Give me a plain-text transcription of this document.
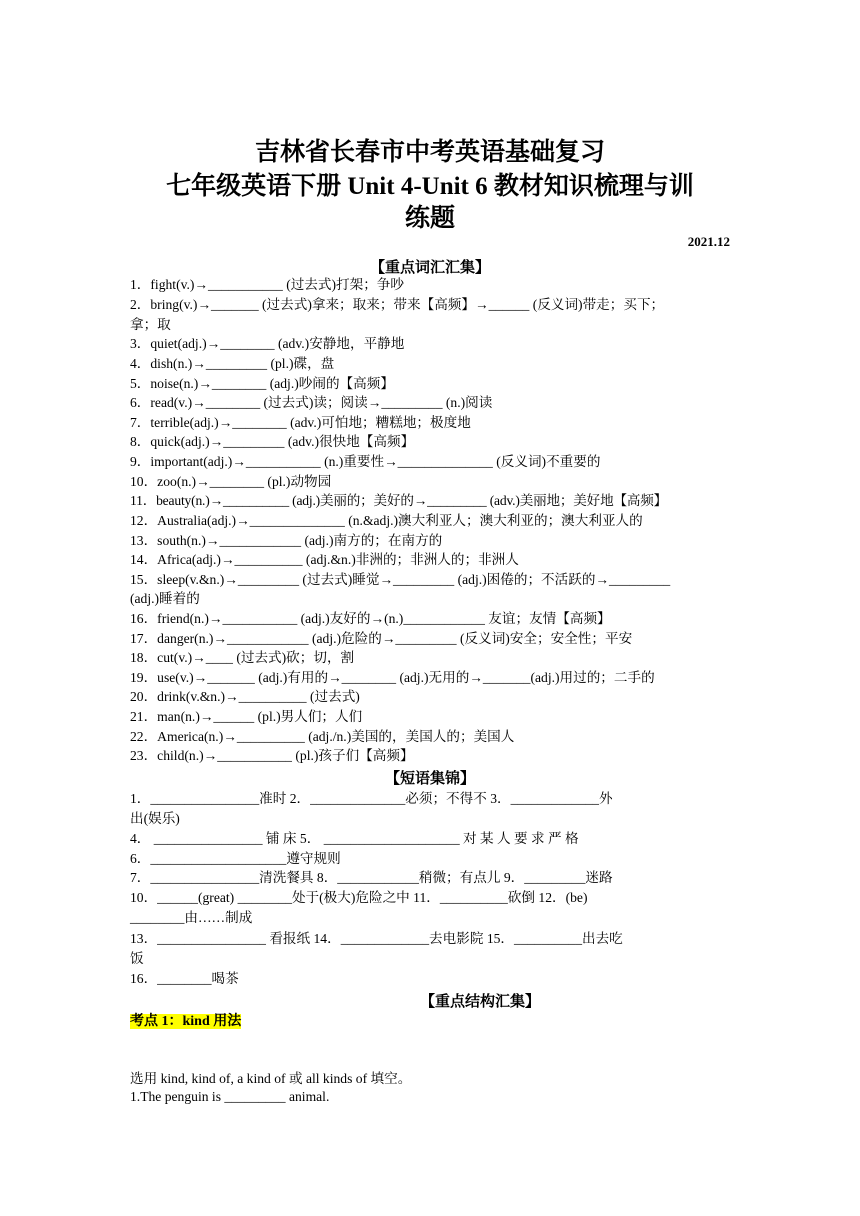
吉林省长春市中考英语基础复习
七年级英语下册 Unit 4-Unit 6 教材知识梳理与训
练题
2021.12
【重点词汇汇集】
1．fight(v.)→___________ (过去式)打架；争吵
2．bring(v.)→_______ (过去式)拿来；取来；带来【高频】→______ (反义词)带走；买下；
拿；取
3．quiet(adj.)→________ (adv.)安静地，平静地
4．dish(n.)→_________ (pl.)碟，盘
5．noise(n.)→________ (adj.)吵闹的【高频】
6．read(v.)→________ (过去式)读；阅读→_________ (n.)阅读
7．terrible(adj.)→________ (adv.)可怕地；糟糕地；极度地
8．quick(adj.)→_________ (adv.)很快地【高频】
9．important(adj.)→___________ (n.)重要性→______________ (反义词)不重要的
10．zoo(n.)→________ (pl.)动物园
11．beauty(n.)→__________ (adj.)美丽的；美好的→_________ (adv.)美丽地；美好地【高频】
12．Australia(adj.)→______________ (n.&adj.)澳大利亚人；澳大利亚的；澳大利亚人的
13．south(n.)→____________ (adj.)南方的；在南方的
14．Africa(adj.)→__________ (adj.&n.)非洲的；非洲人的；非洲人
15．sleep(v.&n.)→_________ (过去式)睡觉→_________ (adj.)困倦的；不活跃的→_________
(adj.)睡着的
16．friend(n.)→___________ (adj.)友好的→(n.)____________ 友谊；友情【高频】
17．danger(n.)→____________ (adj.)危险的→_________ (反义词)安全；安全性；平安
18．cut(v.)→____ (过去式)砍；切，割
19．use(v.)→_______ (adj.)有用的→________ (adj.)无用的→_______(adj.)用过的；二手的
20．drink(v.&n.)→__________ (过去式)
21．man(n.)→______ (pl.)男人们；人们
22．America(n.)→__________ (adj./n.)美国的，美国人的；美国人
23．child(n.)→___________ (pl.)孩子们【高频】
【短语集锦】
1．________________准时 2．______________必须；不得不 3．_____________外
出(娱乐)
4． ________________ 铺 床 5． ____________________ 对 某 人 要 求 严 格
6．____________________遵守规则
7．________________清洗餐具 8．____________稍微；有点儿 9．_________迷路
10．______(great) ________处于(极大)危险之中 11．__________砍倒 12．(be)
________由……制成
13．________________ 看报纸 14．_____________去电影院 15．__________出去吃
饭
16．________喝茶
【重点结构汇集】
考点 1：kind 用法
选用 kind, kind of, a kind of 或 all kinds of 填空。
1.The penguin is _________ animal.
